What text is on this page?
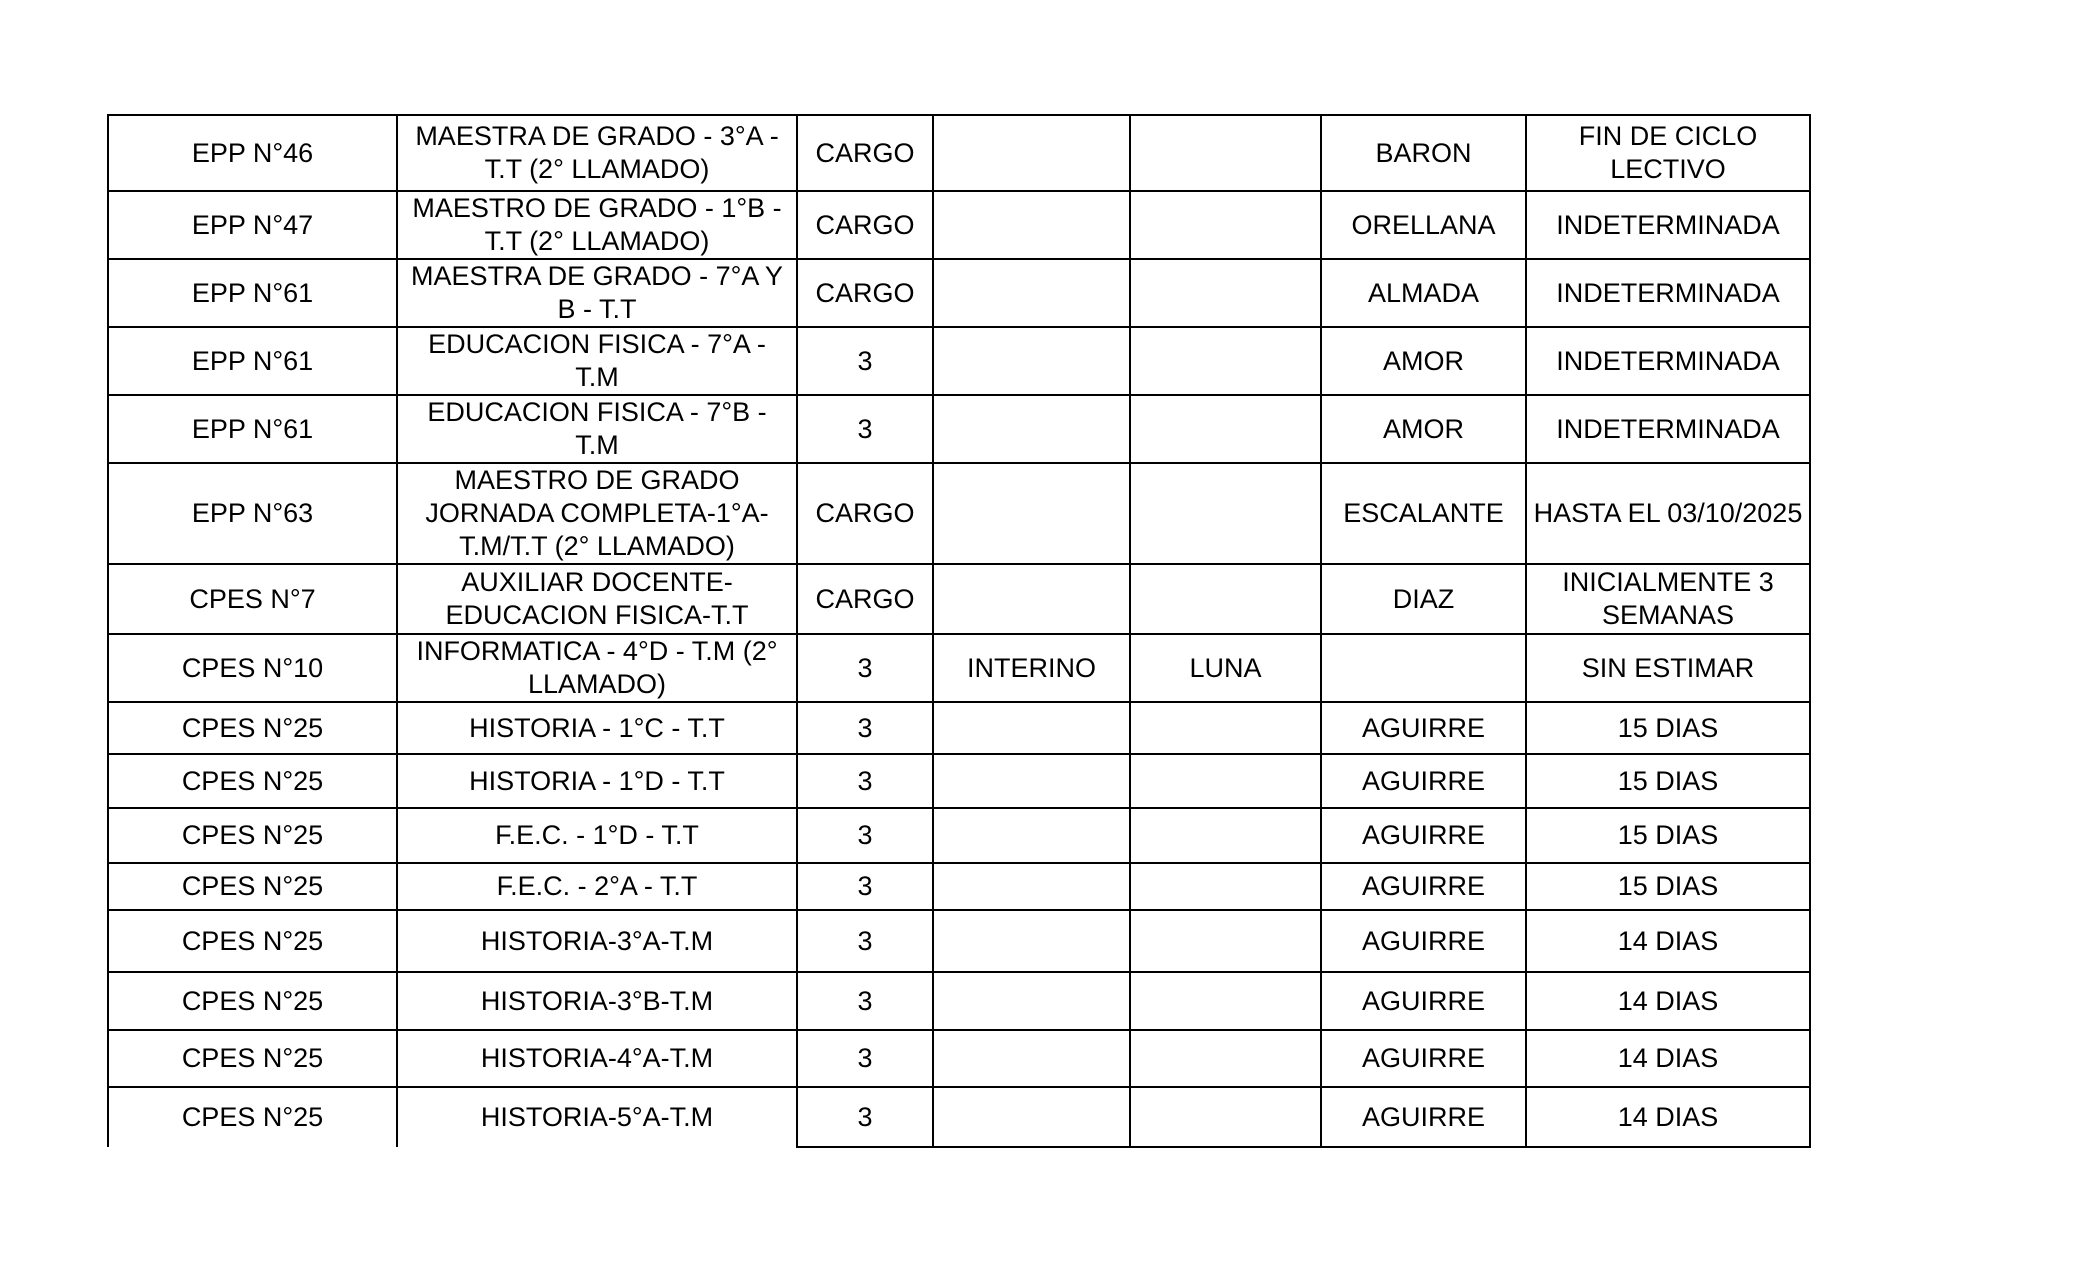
EPP N°46	MAESTRA DE GRADO - 3°A - T.T (2° LLAMADO)	CARGO			BARON	FIN DE CICLO LECTIVO
EPP N°47	MAESTRO DE GRADO - 1°B - T.T (2° LLAMADO)	CARGO			ORELLANA	INDETERMINADA
EPP N°61	MAESTRA DE GRADO - 7°A Y B - T.T	CARGO			ALMADA	INDETERMINADA
EPP N°61	EDUCACION FISICA - 7°A - T.M	3			AMOR	INDETERMINADA
EPP N°61	EDUCACION FISICA - 7°B - T.M	3			AMOR	INDETERMINADA
EPP N°63	MAESTRO DE GRADO JORNADA COMPLETA-1°A- T.M/T.T (2° LLAMADO)	CARGO			ESCALANTE	HASTA EL 03/10/2025
CPES N°7	AUXILIAR DOCENTE- EDUCACION FISICA-T.T	CARGO			DIAZ	INICIALMENTE 3 SEMANAS
CPES N°10	INFORMATICA - 4°D - T.M (2° LLAMADO)	3	INTERINO	LUNA		SIN ESTIMAR
CPES N°25	HISTORIA - 1°C - T.T	3			AGUIRRE	15 DIAS
CPES N°25	HISTORIA - 1°D - T.T	3			AGUIRRE	15 DIAS
CPES N°25	F.E.C. - 1°D - T.T	3			AGUIRRE	15 DIAS
CPES N°25	F.E.C. - 2°A - T.T	3			AGUIRRE	15 DIAS
CPES N°25	HISTORIA-3°A-T.M	3			AGUIRRE	14 DIAS
CPES N°25	HISTORIA-3°B-T.M	3			AGUIRRE	14 DIAS
CPES N°25	HISTORIA-4°A-T.M	3			AGUIRRE	14 DIAS
CPES N°25	HISTORIA-5°A-T.M	3			AGUIRRE	14 DIAS
